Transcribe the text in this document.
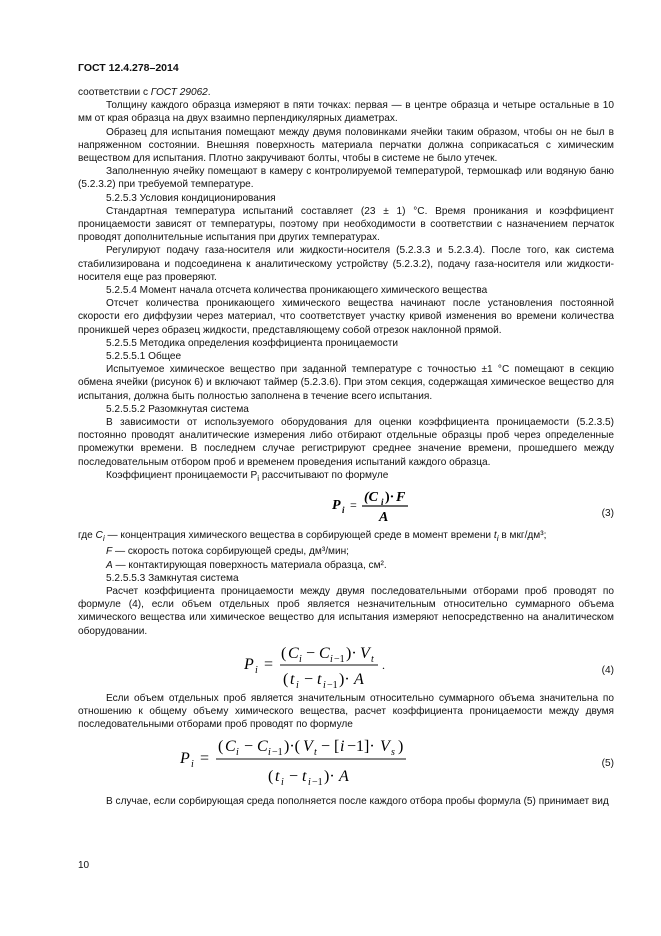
ГОСТ 12.4.278–2014

соответствии с ГОСТ 29062.

Толщину каждого образца измеряют в пяти точках: первая — в центре образца и четыре остальные в 10 мм от края образца на двух взаимно перпендикулярных диаметрах.

Образец для испытания помещают между двумя половинками ячейки таким образом, чтобы он не был в напряженном состоянии. Внешняя поверхность материала перчатки должна соприкасаться с химическим веществом для испытания. Плотно закручивают болты, чтобы в системе не было утечек.

Заполненную ячейку помещают в камеру с контролируемой температурой, термошкаф или водяную баню (5.2.3.2) при требуемой температуре.

5.2.5.3 Условия кондиционирования

Стандартная температура испытаний составляет (23 ± 1) °С. Время проникания и коэффициент проницаемости зависят от температуры, поэтому при необходимости в соответствии с назначением перчаток проводят дополнительные испытания при других температурах.

Регулируют подачу газа-носителя или жидкости-носителя (5.2.3.3 и 5.2.3.4). После того, как система стабилизирована и подсоединена к аналитическому устройству (5.2.3.2), подачу газа-носителя или жидкости-носителя еще раз проверяют.

5.2.5.4 Момент начала отсчета количества проникающего химического вещества

Отсчет количества проникающего химического вещества начинают после установления постоянной скорости его диффузии через материал, что соответствует участку кривой изменения во времени количества проникшей через образец жидкости, представляющему собой отрезок наклонной прямой.

5.2.5.5 Методика определения коэффициента проницаемости

5.2.5.5.1 Общее

Испытуемое химическое вещество при заданной температуре с точностью ±1 °С помещают в секцию обмена ячейки (рисунок 6) и включают таймер (5.2.3.6). При этом секция, содержащая химическое вещество для испытания, должна быть полностью заполнена в течение всего испытания.

5.2.5.5.2 Разомкнутая система

В зависимости от используемого оборудования для оценки коэффициента проницаемости (5.2.3.5) постоянно проводят аналитические измерения либо отбирают отдельные образцы проб через определенные промежутки времени. В последнем случае регистрируют среднее значение времени, прошедшего между последовательным отбором проб и временем проведения испытаний каждого образца.

Коэффициент проницаемости $P_i$ рассчитывают по формуле

P i = (C i )· F
A	(3)

где $C_i$ — концентрация химического вещества в сорбирующей среде в момент времени $t_i$ в мкг/дм³;

F — скорость потока сорбирующей среды, дм³/мин;

A — контактирующая поверхность материала образца, см².

5.2.5.5.3 Замкнутая система

Расчет коэффициента проницаемости между двумя последовательными отборами проб проводят по формуле (4), если объем отдельных проб является незначительным относительно суммарного объема химического вещества или химическое вещество для испытания измеряют непосредственно на аналитическом оборудовании.

P i =
( C i − C i −1 )· V t
( t i − t i −1 )· A
.	(4)

Если объем отдельных проб является значительным относительно суммарного объема значительна по отношению к общему объему химического вещества, расчет коэффициента проницаемости между двумя последовательными отборами проб проводят по формуле

P i =
( C i − C i −1 )·( V t − [ i −1]· V s )
( t i − t i −1 )· A
(5)

В случае, если сорбирующая среда пополняется после каждого отбора пробы формула (5) принимает вид

10
